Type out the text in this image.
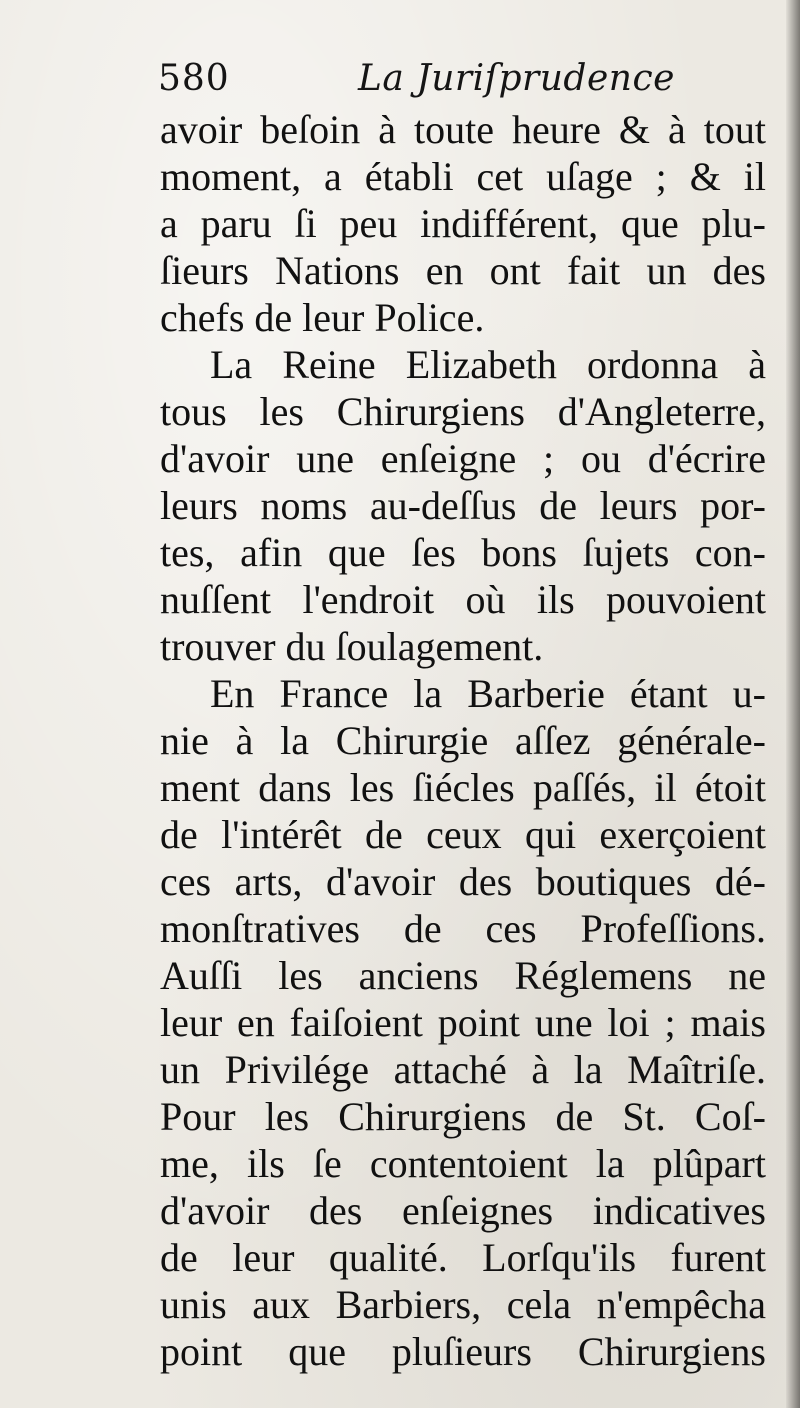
580	La Juriſprudence
avoir beſoin à toute heure & à tout
moment, a établi cet uſage ; & il
a paru ſi peu indifférent, que plu-
ſieurs Nations en ont fait un des
chefs de leur Police.
La Reine Elizabeth ordonna à
tous les Chirurgiens d'Angleterre,
d'avoir une enſeigne ; ou d'écrire
leurs noms au-deſſus de leurs por-
tes, afin que ſes bons ſujets con-
nuſſent l'endroit où ils pouvoient
trouver du ſoulagement.
En France la Barberie étant u-
nie à la Chirurgie aſſez générale-
ment dans les ſiécles paſſés, il étoit
de l'intérêt de ceux qui exerçoient
ces arts, d'avoir des boutiques dé-
monſtratives de ces Profeſſions.
Auſſi les anciens Réglemens ne
leur en faiſoient point une loi ; mais
un Privilége attaché à la Maîtriſe.
Pour les Chirurgiens de St. Coſ-
me, ils ſe contentoient la plûpart
d'avoir des enſeignes indicatives
de leur qualité. Lorſqu'ils furent
unis aux Barbiers, cela n'empêcha
point que pluſieurs Chirurgiens
